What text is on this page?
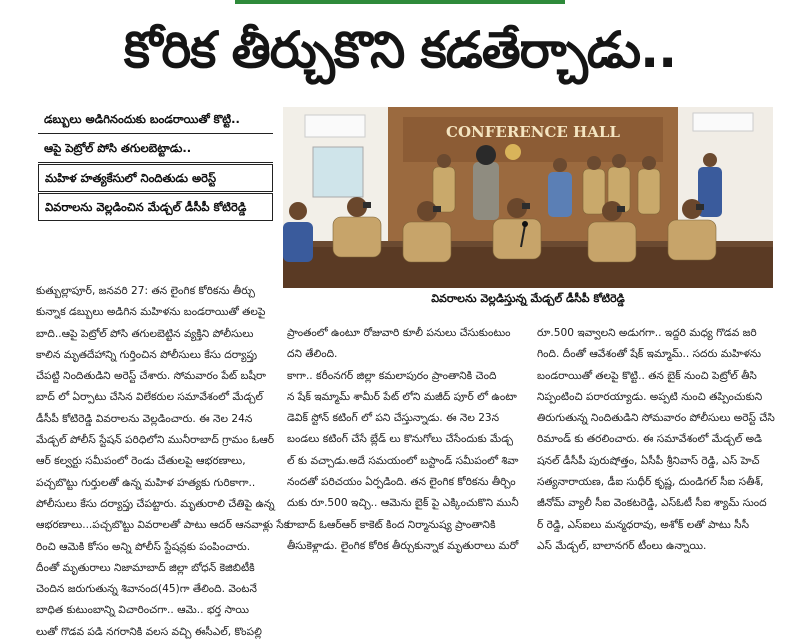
కోరిక తీర్చుకొని కడతేర్చాడు..
డబ్బులు అడిగినందుకు బండరాయితో కొట్టి..
ఆపై పెట్రోల్ పోసి తగులబెట్టాడు..
మహిళ హత్యకేసులో నిందితుడు అరెస్ట్
వివరాలను వెల్లడించిన మేడ్చల్ డీసీపీ కోటిరెడ్డి
CONFERENCE HALL
వివరాలను వెల్లడిస్తున్న మేడ్చల్ డీసీపీ కోటిరెడ్డి

కుత్బుల్లాపూర్, జనవరి 27: తన లైంగిక కోరికను తీర్చు

కున్నాక డబ్బులు అడిగిన మహిళను బండరాయితో తలపై

బాది..ఆపై పెట్రోల్ పోసి తగులబెట్టిన వ్యక్తిని పోలీసులు

కాలిన మృతదేహాన్ని గుర్తించిన పోలీసులు కేసు దర్యాప్తు

చేపట్టి నిందితుడిని అరెస్ట్ చేశారు. సోమవారం పేట్ బషీరా

బాద్ లో ఏర్పాటు చేసిన విలేకరుల సమావేశంలో మేడ్చల్

డీసీపీ కోటిరెడ్డి వివరాలను వెల్లడించారు. ఈ నెల 24న

మేడ్చల్ పోలీస్ స్టేషన్ పరిధిలోని మునీరాబాద్ గ్రామం ఓఆర్

ఆర్ కల్వర్టు సమీపంలో రెండు చేతులపై ఆభరణాలు,

పచ్చబొట్టు గుర్తులతో ఉన్న మహిళ హత్యకు గురికాగా..

పోలీసులు కేసు దర్యాప్తు చేపట్టారు. మృతురాలి చేతిపై ఉన్న

ఆభరణాలు...పచ్చబొట్టు వివరాలతో పాటు ఆదర్ ఆనవాళ్లు సేక

రించి ఆమెకి కోసం అన్ని పోలీస్ స్టేషన్లకు పంపించారు.

దీంతో మృతురాలు నిజామాబాద్ జిల్లా బోధన్ కెజిబిటీకి

చెందిన జరుగుతున్న శివానంద(45)గా తేలింది. వెంటనే

బాధిత కుటుంబాన్ని విచారించగా.. ఆమె.. భర్త సాయి

లుతో గొడవ పడి నగరానికి వలస వచ్చి ఈసీఎల్, కొంపల్లి

ప్రాంతంలో ఉంటూ రోజువారి కూలీ పనులు చేసుకుంటుం

దని తేలింది.

కాగా.. కరీంనగర్ జిల్లా కమలాపురం ప్రాంతానికి చెంది

న షేక్ ఇమ్మామ్ శామీర్ పేట్ లోని మజీద్ పూర్ లో ఉంటా

డెవిక్ స్టోన్ కటింగ్ లో పని చేస్తున్నాడు. ఈ నెల 23న

బండలు కటింగ్ చేసే బ్లేడ్ లు కొనుగోలు చేసేందుకు మేడ్చ

ల్ కు వచ్చాడు.అదే సమయంలో బస్టాండ్ సమీపంలో శివా

నందతో పరిచయం ఏర్పడింది. తన లైంగిక కోరికను తీర్చిం

దుకు రూ.500 ఇచ్చి.. ఆమెను బైక్ పై ఎక్కించుకొని మునీ

రాబాద్ ఓఆర్ఆర్ కాకెట్ కింద నిర్మానుష్య ప్రాంతానికి

తీసుకెళ్లాడు. లైంగిక కోరిక తీర్చుకున్నాక మృతురాలు మరో

రూ.500 ఇవ్వాలని అడుగగా.. ఇద్దరి మధ్య గొడవ జరి

గింది. దీంతో ఆవేశంతో షేక్ ఇమ్మామ్.. సదరు మహిళను

బండరాయితో తలపై కొట్టి.. తన బైక్ నుంచి పెట్రోల్ తీసి

నిప్పంటించి పరారయ్యాడు. అప్పటి నుంచి తప్పించుకుని

తిరుగుతున్న నిందితుడిని సోమవారం పోలీసులు అరెస్ట్ చేసి

రిమాండ్ కు తరలించారు. ఈ సమావేశంలో మేడ్చల్ అడి

షనల్ డీసీపీ పురుషోత్తం, ఏసీపీ శ్రీనివాస్ రెడ్డి, ఎస్ హెచ్

సత్యనారాయణ, డీఐ సుధీర్ కృష్ణ, దుండిగల్ సీఐ సతీశ్,

జీనోమ్ వ్యాలీ సీఐ వెంకటరెడ్డి, ఎస్ఓటీ సీఐ శ్యామ్ సుంద

ర్ రెడ్డి, ఎస్ఐలు మన్మధరావు, అశోక్ లతో పాటు సీసీ

ఎస్ మేడ్చల్, బాలానగర్ టీంలు ఉన్నాయి.
